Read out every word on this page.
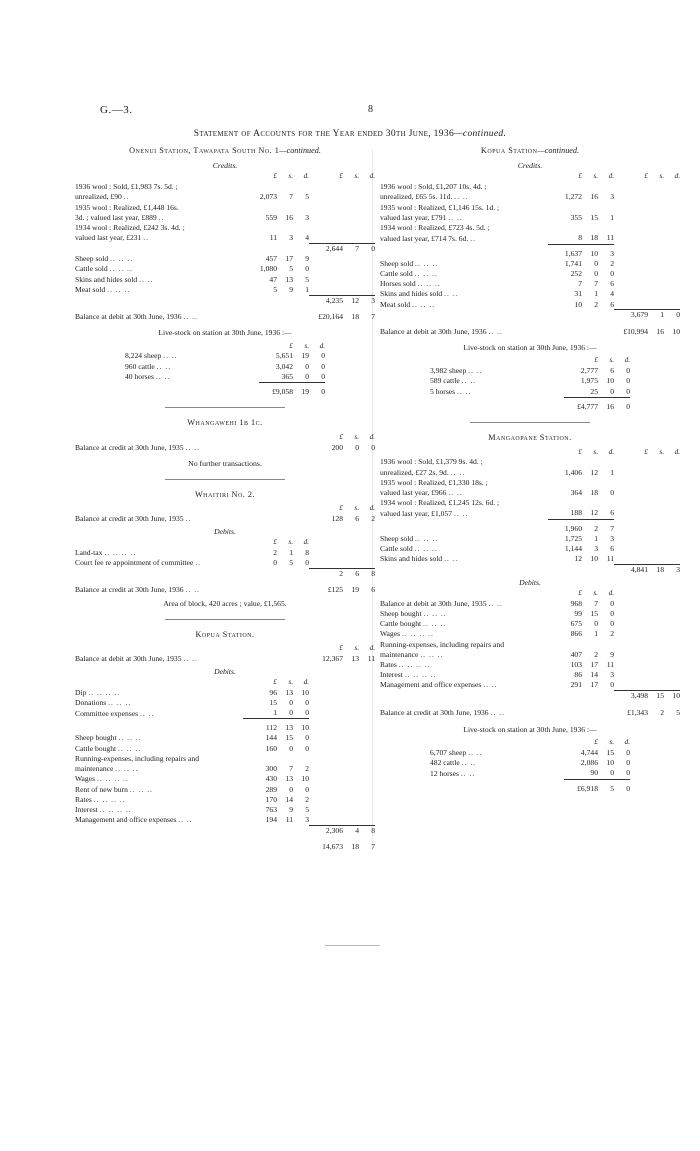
G.—3.	8
Statement of Accounts for the Year ended 30th June, 1936—continued.
Onenui Station, Tawapata South No. 1—continued.
Credits.
	£	s.	d.	£	s.	d.
1936 wool : Sold, £1,983 7s. 5d. ;						
unrealized, £90 ..	2,073	7	5			
1935 wool : Realized, £1,448 16s.						
3d. ; valued last year, £889 ..	559	16	3			
1934 wool : Realized, £242 3s. 4d. ;						
valued last year, £231 ..	11	3	4			
				2,644	7	0
Sheep sold .. .. ..	457	17	9			
Cattle sold .. .. ..	1,080	5	0			
Skins and hides sold .. ..	47	13	5			
Meat sold .. .. ..	5	9	1			
				4,235	12	3
Balance at debit at 30th June, 1936 .. ..				£20,164	18	7
Live-stock on station at 30th June, 1936 :—
	£	s.	d.
8,224 sheep .. ..	5,651	19	0
960 cattle .. ..	3,042	0	0
40 horses .. ..	365	0	0
	£9,058	19	0
Whangawehi 1b 1c.
	£	s.	d.
Balance at credit at 30th June, 1935 .. ..	200	0	0
No further transactions.
Whaitiri No. 2.
				£	s.	d.
Balance at credit at 30th June, 1935 ..				128	6	2
Debits.
	£	s.	d.			
Land-tax .. .. .. ..	2	1	8			
Court fee re appointment of committee ..	0	5	0			
				2	6	8
Balance at credit at 30th June, 1936 .. ..				£125	19	6
Area of block, 420 acres ; value, £1,565.
Kopua Station.
				£	s.	d.
Balance at debit at 30th June, 1935 .. ..				12,367	13	11
Debits.
	£	s.	d.			
Dip .. .. .. ..	96	13	10			
Donations .. .. ..	15	0	0			
Committee expenses .. ..	1	0	0			
	112	13	10			
Sheep bought .. .. ..	144	15	0			
Cattle bought .. .. ..	160	0	0			
Running-expenses, including repairs and						
maintenance .. .. ..	300	7	2			
Wages .. .. .. ..	430	13	10			
Rent of new burn .. .. ..	289	0	0			
Rates .. .. .. ..	170	14	2			
Interest .. .. .. ..	763	9	5			
Management and office expenses .. ..	194	11	3			
				2,306	4	8
				14,673	18	7
Kopua Station—continued.
Credits.
	£	s.	d.	£	s.	d.
1936 wool : Sold, £1,207 10s. 4d. ;						
unrealized, £65 5s. 11d. .. ..	1,272	16	3			
1935 wool : Realized, £1,146 15s. 1d. ;						
valued last year, £791 .. ..	355	15	1			
1934 wool : Realized, £723 4s. 5d. ;						
valued last year, £714 7s. 6d. ..	8	18	11			
	1,637	10	3			
Sheep sold .. .. ..	1,741	0	2			
Cattle sold .. .. ..	252	0	0			
Horses sold .. .. ..	7	7	6			
Skins and hides sold .. ..	31	1	4			
Meat sold .. .. ..	10	2	6			
				3,679	1	0
Balance at debit at 30th June, 1936 .. ..				£10,994	16	10
Live-stock on station at 30th June, 1936 :—
	£	s.	d.
3,982 sheep .. ..	2,777	6	0
589 cattle .. ..	1,975	10	0
5 horses .. ..	25	0	0
	£4,777	16	0
Mangaopane Station.
	£	s.	d.	£	s.	d.
1936 wool : Sold, £1,379 9s. 4d. ;						
unrealized, £27 2s. 9d. .. ..	1,406	12	1			
1935 wool : Realized, £1,330 18s. ;						
valued last year, £966 .. ..	364	18	0			
1934 wool : Realized, £1,245 12s. 6d. ;						
valued last year, £1,057 .. ..	188	12	6			
	1,960	2	7			
Sheep sold .. .. ..	1,725	1	3			
Cattle sold .. .. ..	1,144	3	6			
Skins and hides sold .. ..	12	10	11			
				4,841	18	3
Debits.
	£	s.	d.			
Balance at debit at 30th June, 1935 .. ..	968	7	0			
Sheep bought .. .. ..	99	15	0			
Cattle bought .. .. ..	675	0	0			
Wages .. .. .. ..	866	1	2			
Running-expenses, including repairs and						
maintenance .. .. ..	407	2	9			
Rates .. .. .. ..	103	17	11			
Interest .. .. .. ..	86	14	3			
Management and office expenses .. ..	291	17	0			
				3,498	15	10
Balance at credit at 30th June, 1936 .. ..				£1,343	2	5
Live-stock on station at 30th June, 1936 :—
	£	s.	d.
6,707 sheep .. ..	4,744	15	0
482 cattle .. ..	2,086	10	0
12 horses .. ..	90	0	0
	£6,918	5	0
